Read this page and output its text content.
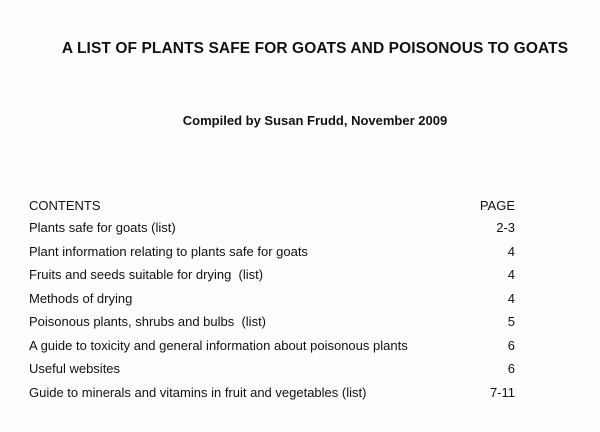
A LIST OF PLANTS SAFE FOR GOATS AND POISONOUS TO GOATS
Compiled by Susan Frudd, November 2009
CONTENTS	PAGE
Plants safe for goats (list)	2-3
Plant information relating to plants safe for goats	4
Fruits and seeds suitable for drying  (list)	4
Methods of drying	4
Poisonous plants, shrubs and bulbs  (list)	5
A guide to toxicity and general information about poisonous plants	6
Useful websites	6
Guide to minerals and vitamins in fruit and vegetables (list)	7-11
